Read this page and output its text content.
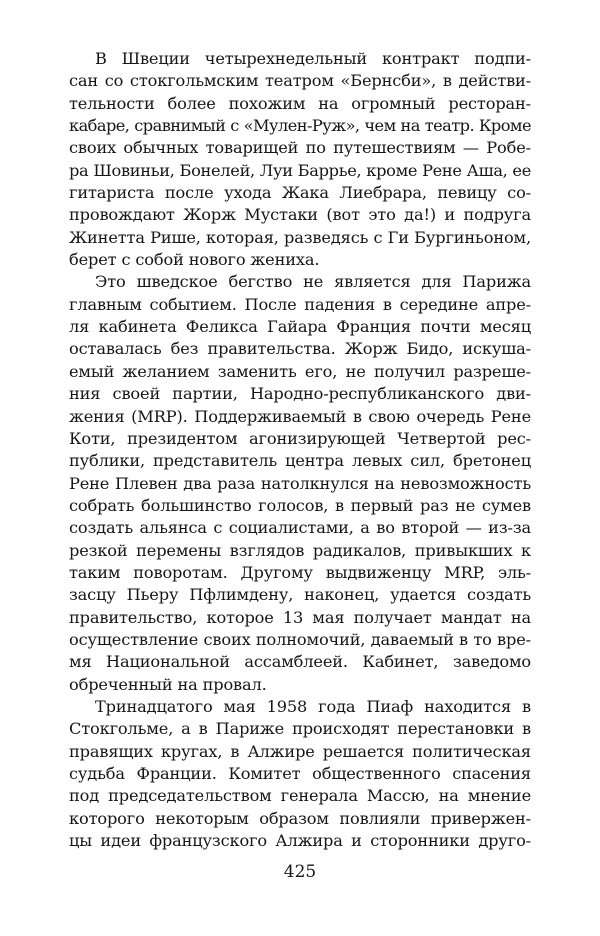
В Швеции четырехнедельный контракт подпи-
сан со стокгольмским театром «Бернсби», в действи-
тельности более похожим на огромный ресторан-
кабаре, сравнимый с «Мулен-Руж», чем на театр. Кроме
своих обычных товарищей по путешествиям — Робе-
ра Шовиньи, Бонелей, Луи Баррье, кроме Рене Аша, ее
гитариста после ухода Жака Лиебрара, певицу со-
провождают Жорж Мустаки (вот это да!) и подруга
Жинетта Рише, которая, разведясь с Ги Бургиньоном,
берет с собой нового жениха.
Это шведское бегство не является для Парижа
главным событием. После падения в середине апре-
ля кабинета Феликса Гайара Франция почти месяц
оставалась без правительства. Жорж Бидо, искуша-
емый желанием заменить его, не получил разреше-
ния своей партии, Народно-республиканского дви-
жения (MRP). Поддерживаемый в свою очередь Рене
Коти, президентом агонизирующей Четвертой рес-
публики, представитель центра левых сил, бретонец
Рене Плевен два раза натолкнулся на невозможность
собрать большинство голосов, в первый раз не сумев
создать альянса с социалистами, а во второй — из-за
резкой перемены взглядов радикалов, привыкших к
таким поворотам. Другому выдвиженцу MRP, эль-
засцу Пьеру Пфлимдену, наконец, удается создать
правительство, которое 13 мая получает мандат на
осуществление своих полномочий, даваемый в то вре-
мя Национальной ассамблеей. Кабинет, заведомо
обреченный на провал.
Тринадцатого мая 1958 года Пиаф находится в
Стокгольме, а в Париже происходят перестановки в
правящих кругах, в Алжире решается политическая
судьба Франции. Комитет общественного спасения
под председательством генерала Массю, на мнение
которого некоторым образом повлияли привержен-
цы идеи французского Алжира и сторонники друго-
425
